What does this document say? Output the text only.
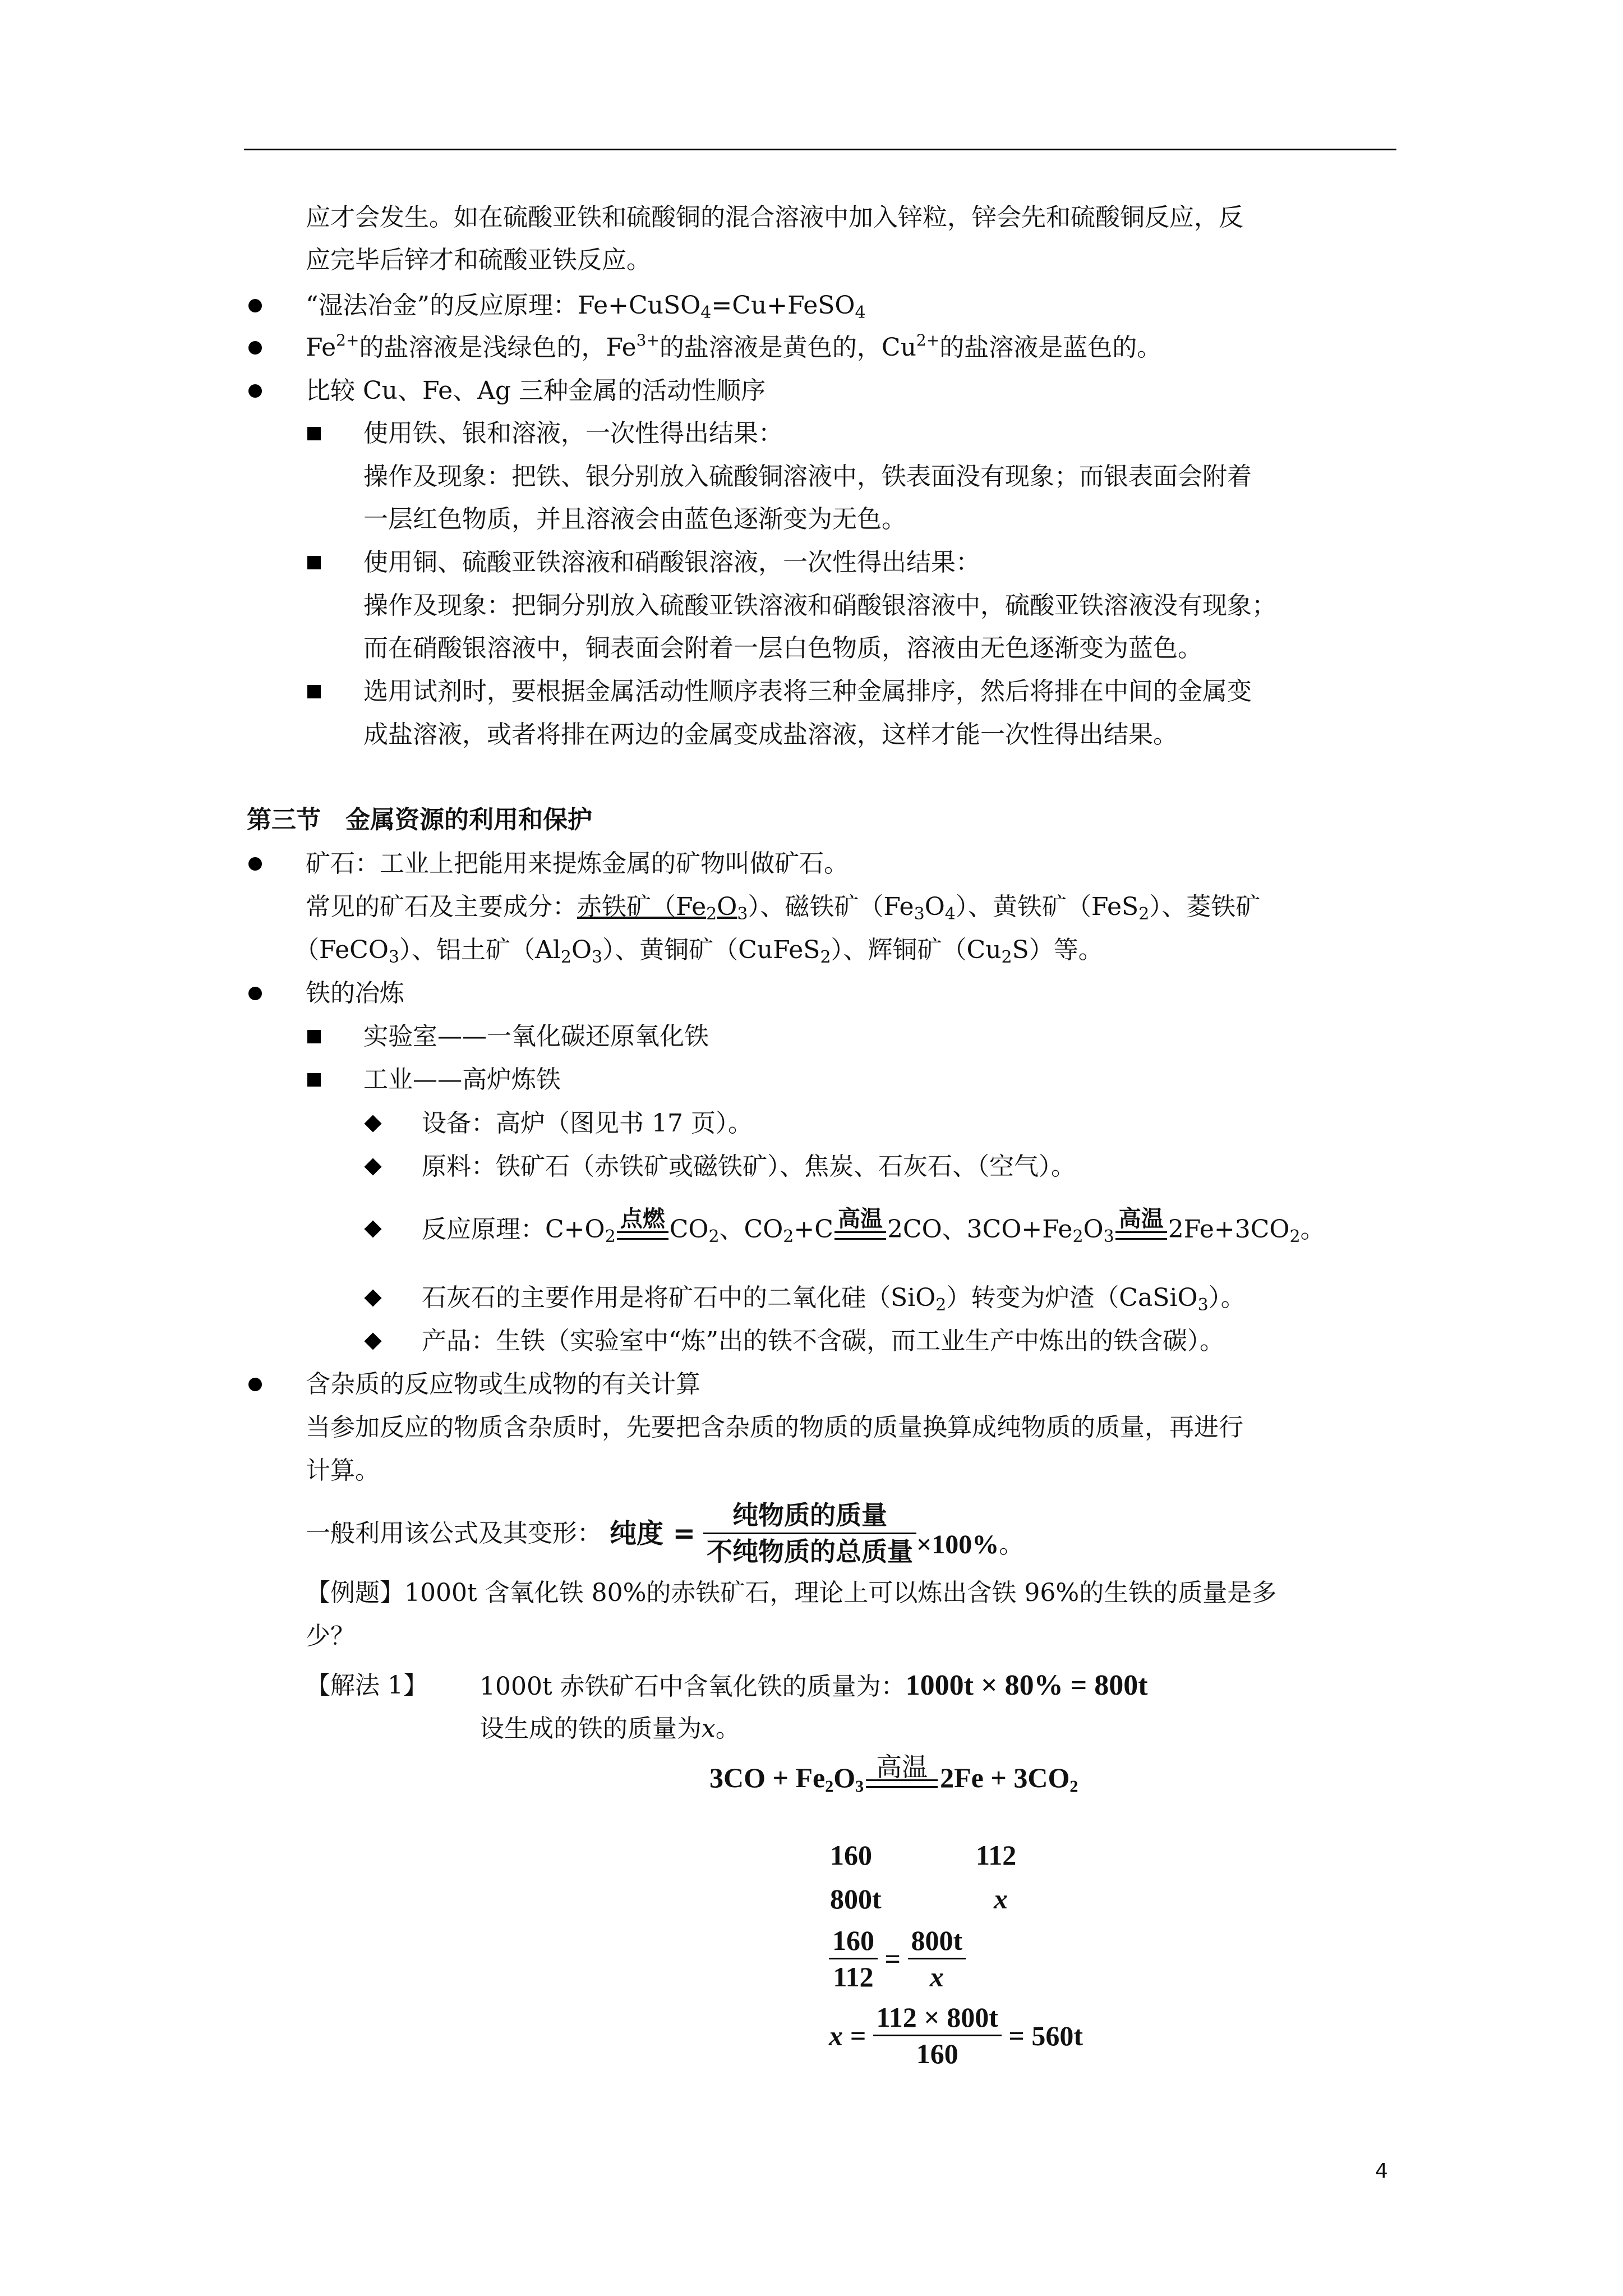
应才会发生。如在硫酸亚铁和硫酸铜的混合溶液中加入锌粒，锌会先和硫酸铜反应，反
应完毕后锌才和硫酸亚铁反应。
“湿法冶金”的反应原理：Fe+CuSO$_4$=Cu+FeSO$_4$
$Fe^{2+}$的盐溶液是浅绿色的，$Fe^{3+}$的盐溶液是黄色的，$Cu^{2+}$的盐溶液是蓝色的。
比较 Cu、Fe、Ag 三种金属的活动性顺序
使用铁、银和溶液，一次性得出结果：
操作及现象：把铁、银分别放入硫酸铜溶液中，铁表面没有现象；而银表面会附着
一层红色物质，并且溶液会由蓝色逐渐变为无色。
使用铜、硫酸亚铁溶液和硝酸银溶液，一次性得出结果：
操作及现象：把铜分别放入硫酸亚铁溶液和硝酸银溶液中，硫酸亚铁溶液没有现象；
而在硝酸银溶液中，铜表面会附着一层白色物质，溶液由无色逐渐变为蓝色。
选用试剂时，要根据金属活动性顺序表将三种金属排序，然后将排在中间的金属变
成盐溶液，或者将排在两边的金属变成盐溶液，这样才能一次性得出结果。
第三节　金属资源的利用和保护
矿石：工业上把能用来提炼金属的矿物叫做矿石。
常见的矿石及主要成分：赤铁矿$(Fe_2O_3)$、磁铁矿$(Fe_3O_4)$、黄铁矿（FeS$_2$）、菱铁矿
（FeCO$_3$）、铝土矿$(Al_2O_3)$、黄铜矿（CuFeS$_2$）、辉铜矿$(Cu_2S)$等。
铁的冶炼
实验室——一氧化碳还原氧化铁
工业——高炉炼铁
设备：高炉（图见书 17 页）。
原料：铁矿石（赤铁矿或磁铁矿）、焦炭、石灰石、（空气）。
反应原理：$C+O_2$
点燃 $CO_2$、$CO_2+C$ 高温 2CO、$3CO+Fe_2O_3$
高温 $2Fe+3CO_2$。
石灰石的主要作用是将矿石中的二氧化硅（SiO$_2$）转变为炉渣（CaSiO$_3$）。
产品：生铁（实验室中“炼”出的铁不含碳，而工业生产中炼出的铁含碳）。
含杂质的反应物或生成物的有关计算
当参加反应的物质含杂质时，先要把含杂质的物质的质量换算成纯物质的质量，再进行
计算。
一般利用该公式及其变形： 纯度 = $\frac{\text{纯物质的质量}}{\text{不纯物质的总质量}} \times 100\%$。
【例题】1000t 含氧化铁 80%的赤铁矿石，理论上可以炼出含铁 96%的生铁的质量是多
少？
【解法 1】 1000t 赤铁矿石中含氧化铁的质量为：1000t × 80% = 800t
设生成的铁的质量为x。
$3CO + Fe_2O_3$
高温 $2Fe + 3CO_2$
160	112
800t	x
$\frac{160}{112} = \frac{800t}{x}$
$x = \frac{112 \times 800t}{160} = 560t$
4
